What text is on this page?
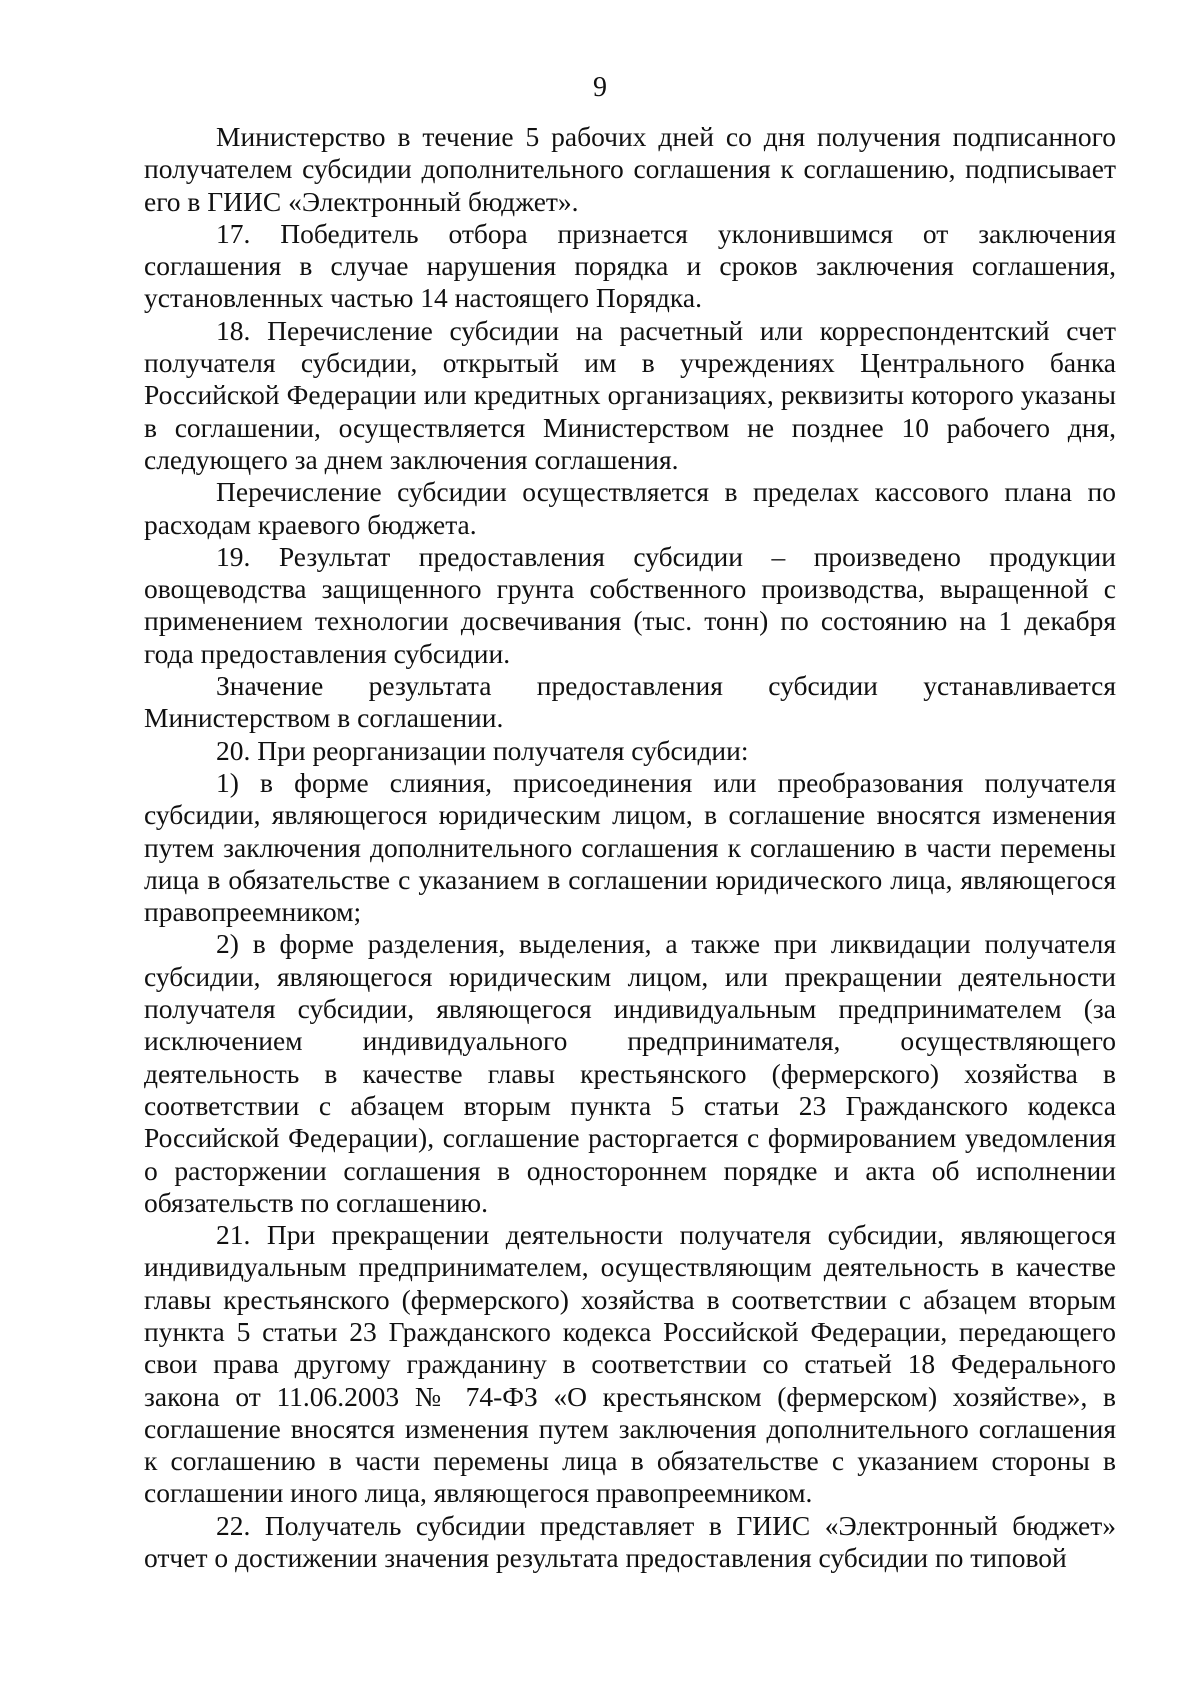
9

Министерство в течение 5 рабочих дней со дня получения подписанного получателем субсидии дополнительного соглашения к соглашению, подписывает его в ГИИС «Электронный бюджет».

17. Победитель отбора признается уклонившимся от заключения соглашения в случае нарушения порядка и сроков заключения соглашения, установленных частью 14 настоящего Порядка.

18. Перечисление субсидии на расчетный или корреспондентский счет получателя субсидии, открытый им в учреждениях Центрального банка Российской Федерации или кредитных организациях, реквизиты которого указаны в соглашении, осуществляется Министерством не позднее 10 рабочего дня, следующего за днем заключения соглашения.

Перечисление субсидии осуществляется в пределах кассового плана по расходам краевого бюджета.

19. Результат предоставления субсидии – произведено продукции овощеводства защищенного грунта собственного производства, выращенной с применением технологии досвечивания (тыс. тонн) по состоянию на 1 декабря года предоставления субсидии.

Значение результата предоставления субсидии устанавливается Министерством в соглашении.

20. При реорганизации получателя субсидии:

1) в форме слияния, присоединения или преобразования получателя субсидии, являющегося юридическим лицом, в соглашение вносятся изменения путем заключения дополнительного соглашения к соглашению в части перемены лица в обязательстве с указанием в соглашении юридического лица, являющегося правопреемником;

2) в форме разделения, выделения, а также при ликвидации получателя субсидии, являющегося юридическим лицом, или прекращении деятельности получателя субсидии, являющегося индивидуальным предпринимателем (за исключением индивидуального предпринимателя, осуществляющего деятельность в качестве главы крестьянского (фермерского) хозяйства в соответствии с абзацем вторым пункта 5 статьи 23 Гражданского кодекса Российской Федерации), соглашение расторгается с формированием уведомления о расторжении соглашения в одностороннем порядке и акта об исполнении обязательств по соглашению.

21. При прекращении деятельности получателя субсидии, являющегося индивидуальным предпринимателем, осуществляющим деятельность в качестве главы крестьянского (фермерского) хозяйства в соответствии с абзацем вторым пункта 5 статьи 23 Гражданского кодекса Российской Федерации, передающего свои права другому гражданину в соответствии со статьей 18 Федерального закона от 11.06.2003 № 74-ФЗ «О крестьянском (фермерском) хозяйстве», в соглашение вносятся изменения путем заключения дополнительного соглашения к соглашению в части перемены лица в обязательстве с указанием стороны в соглашении иного лица, являющегося правопреемником.

22. Получатель субсидии представляет в ГИИС «Электронный бюджет» отчет о достижении значения результата предоставления субсидии по типовой
